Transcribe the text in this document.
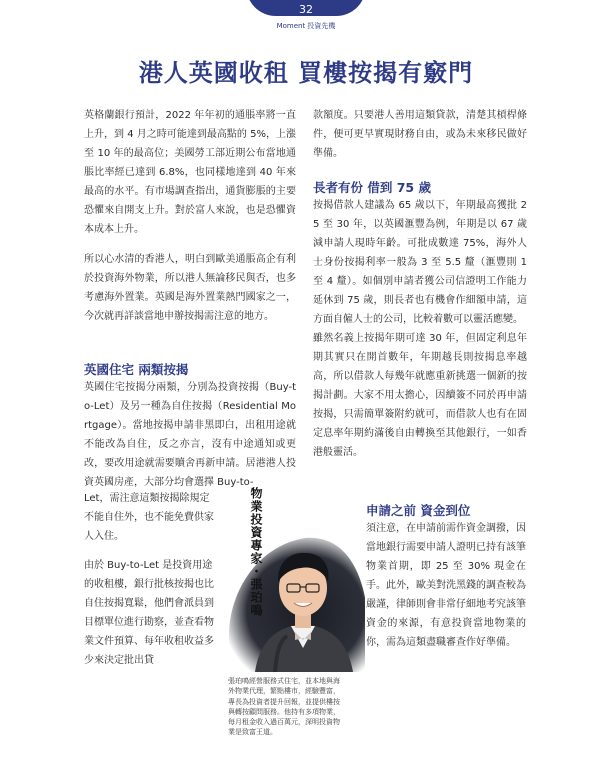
32
Moment 投資先機
港人英國收租 買樓按揭有竅門

英格蘭銀行預計，2022 年年初的通脹率將一直上升，到 4 月之時可能達到最高點的 5%，上漲至 10 年的最高位；美國勞工部近期公布當地通脹比率經已達到 6.8%，也同樣地達到 40 年來最高的水平。有市場調查指出，通貨膨脹的主要恐懼來自開支上升。對於富人來說，也是恐懼資本成本上升。

所以心水清的香港人，明白到歐美通脹高企有利於投資海外物業，所以港人無論移民與否，也多考慮海外置業。英國是海外置業熱門國家之一，今次就再詳談當地申辦按揭需注意的地方。

英國住宅 兩類按揭

英國住宅按揭分兩類，分別為投資按揭（Buy-to-Let）及另一種為自住按揭（Residential Mortgage）。當地按揭申請非黑即白，出租用途就不能改為自住，反之亦言，沒有中途通知或更改，要改用途就需要贖舍再新申請。居港港人投資英國房產，大部分均會選擇 Buy-to-

Let，需注意這類按揭除規定不能自住外，也不能免費供家人入住。

由於 Buy-to-Let 是投資用途的收租樓，銀行批核按揭也比自住按揭寬鬆，他們會派員到目標單位進行勘察，並查看物業文件預算、每年收租收益多少來決定批出貸

款額度。只要港人善用這類貸款，清楚其槓桿條件，便可更早實現財務自由，或為未來移民做好準備。

長者有份 借到 75 歲

按揭借款人建議為 65 歲以下，年期最高獲批 25 至 30 年，以英國滙豐為例，年期是以 67 歲減申請人現時年齡。可批成數達 75%，海外人士身份按揭利率一般為 3 至 5.5 釐（滙豐則 1 至 4 釐）。如個別申請者獲公司信證明工作能力延休到 75 歲，則長者也有機會作細額申請，這方面自僱人士的公司，比較着數可以靈活應變。

雖然名義上按揭年期可達 30 年，但固定利息年期其實只在開首數年，年期越長則按揭息率越高，所以借款人每幾年就應重新挑選一個新的按揭計劃。大家不用太擔心，因續簽不同於再申請按揭，只需簡單簽附約就可，而借款人也有在固定息率年期約滿後自由轉換至其他銀行，一如香港般靈活。

申請之前 資金到位

須注意，在申請前需作資金調撥，因當地銀行需要申請人證明已持有該筆物業首期，即 25 至 30% 現金在手。此外，歐美對洗黑錢的調查較為嚴謹，律師則會非常仔細地考究該筆資金的來源，有意投資當地物業的你，需為這類盡職審查作好準備。

物業投資專家・張珀鳴

張珀鳴經營服務式住宅，並本地與海外物業代理，繁點樓市，經驗豐富，專長為投資者提升回報，並提供樓按與轉按顧問服務。他持有多項物業，每月租金收入過百萬元，深明投資物業是致富王道。
